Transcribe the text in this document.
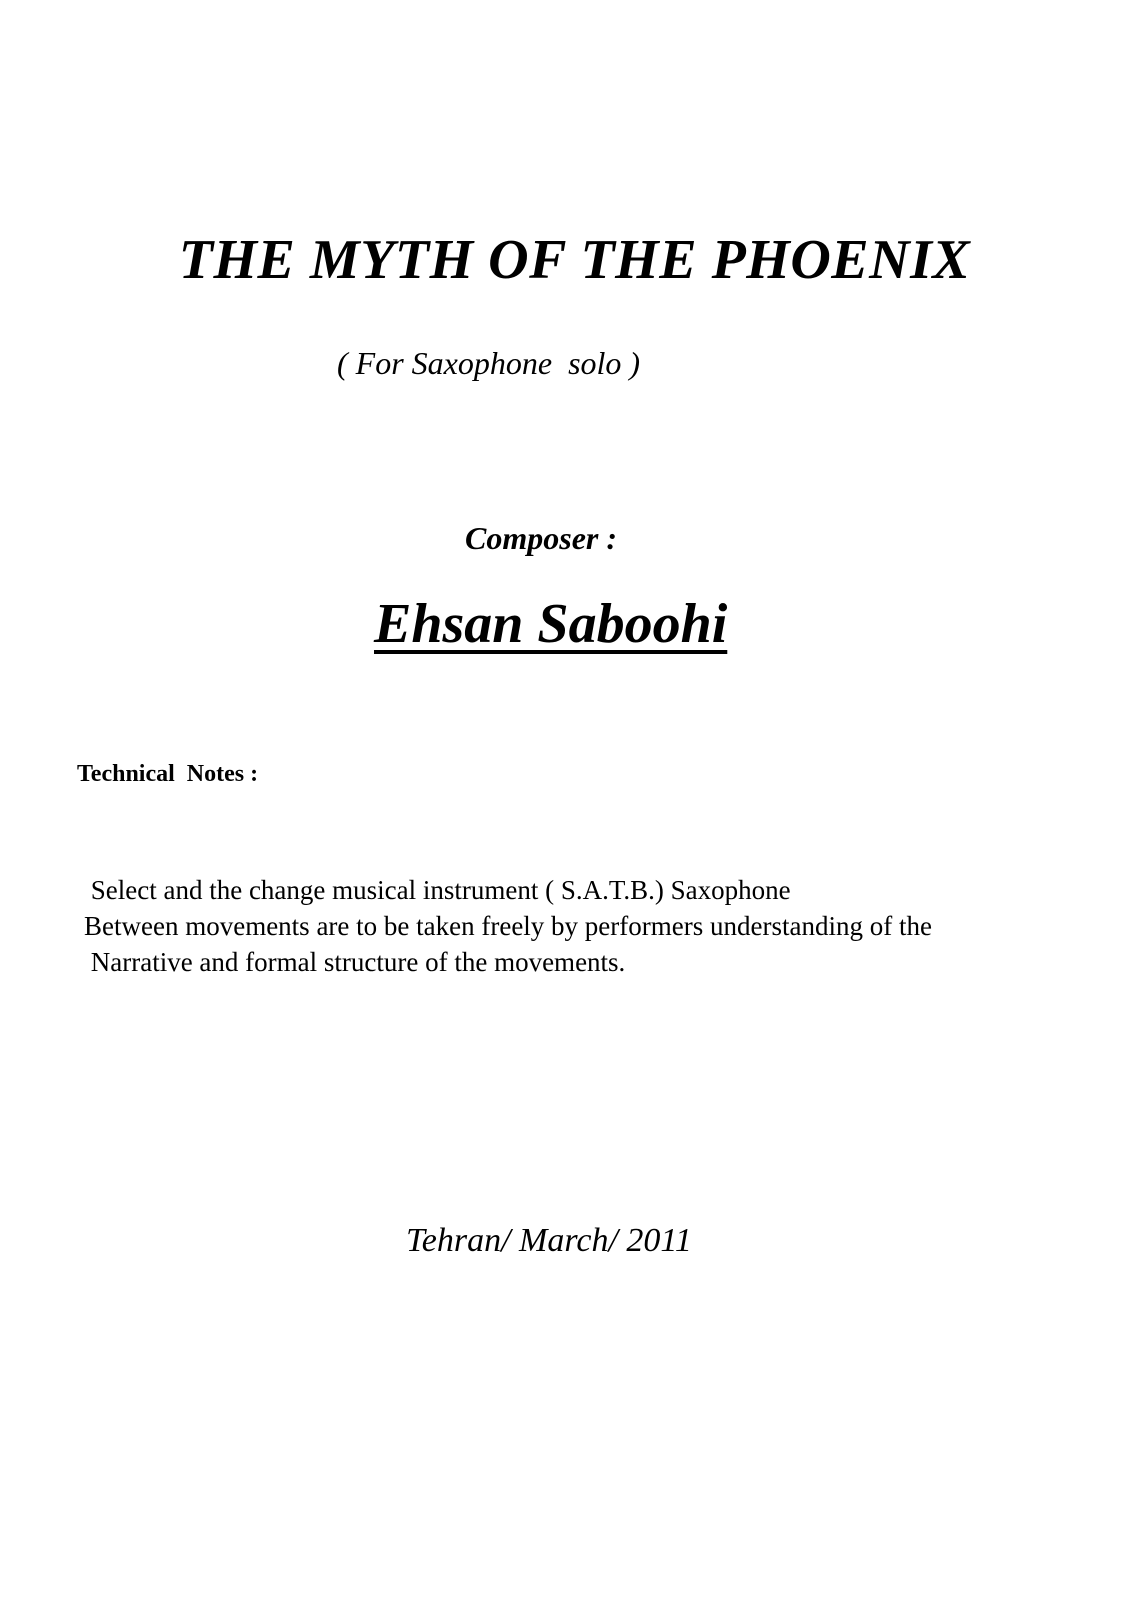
THE MYTH OF THE PHOENIX
( For Saxophone  solo )
Composer :
Ehsan Saboohi
Technical  Notes :
Select and the change musical instrument ( S.A.T.B.) Saxophone
Between movements are to be taken freely by performers understanding of the
Narrative and formal structure of the movements.
Tehran/ March/ 2011
